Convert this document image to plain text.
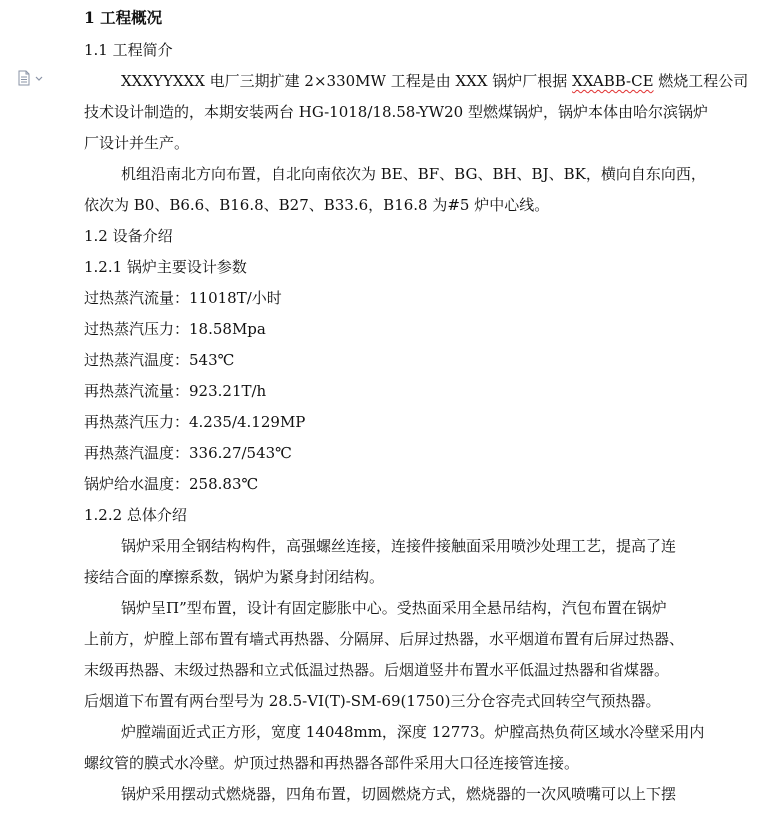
1 工程概况

1.1 工程简介

XXXYYXXX 电厂三期扩建 2×330MW 工程是由 XXX 锅炉厂根据 XXABB-CE 燃烧工程公司

技术设计制造的，本期安装两台 HG-1018/18.58-YW20 型燃煤锅炉，锅炉本体由哈尔滨锅炉

厂设计并生产。

机组沿南北方向布置，自北向南依次为 BE、BF、BG、BH、BJ、BK，横向自东向西，

依次为 B0、B6.6、B16.8、B27、B33.6，B16.8 为#5 炉中心线。

1.2 设备介绍

1.2.1 锅炉主要设计参数

过热蒸汽流量：11018T/小时

过热蒸汽压力：18.58Mpa

过热蒸汽温度：543℃

再热蒸汽流量：923.21T/h

再热蒸汽压力：4.235/4.129MP

再热蒸汽温度：336.27/543℃

锅炉给水温度：258.83℃

1.2.2 总体介绍

锅炉采用全钢结构构件，高强螺丝连接，连接件接触面采用喷沙处理工艺，提高了连

接结合面的摩擦系数，锅炉为紧身封闭结构。

锅炉呈Π”型布置，设计有固定膨胀中心。受热面采用全悬吊结构，汽包布置在锅炉

上前方，炉膛上部布置有墙式再热器、分隔屏、后屏过热器，水平烟道布置有后屏过热器、

末级再热器、末级过热器和立式低温过热器。后烟道竖井布置水平低温过热器和省煤器。

后烟道下布置有两台型号为 28.5-VI(T)-SM-69(1750)三分仓容壳式回转空气预热器。

炉膛端面近式正方形，宽度 14048mm，深度 12773。炉膛高热负荷区域水冷壁采用内

螺纹管的膜式水冷壁。炉顶过热器和再热器各部件采用大口径连接管连接。

锅炉采用摆动式燃烧器，四角布置，切圆燃烧方式，燃烧器的一次风喷嘴可以上下摆
